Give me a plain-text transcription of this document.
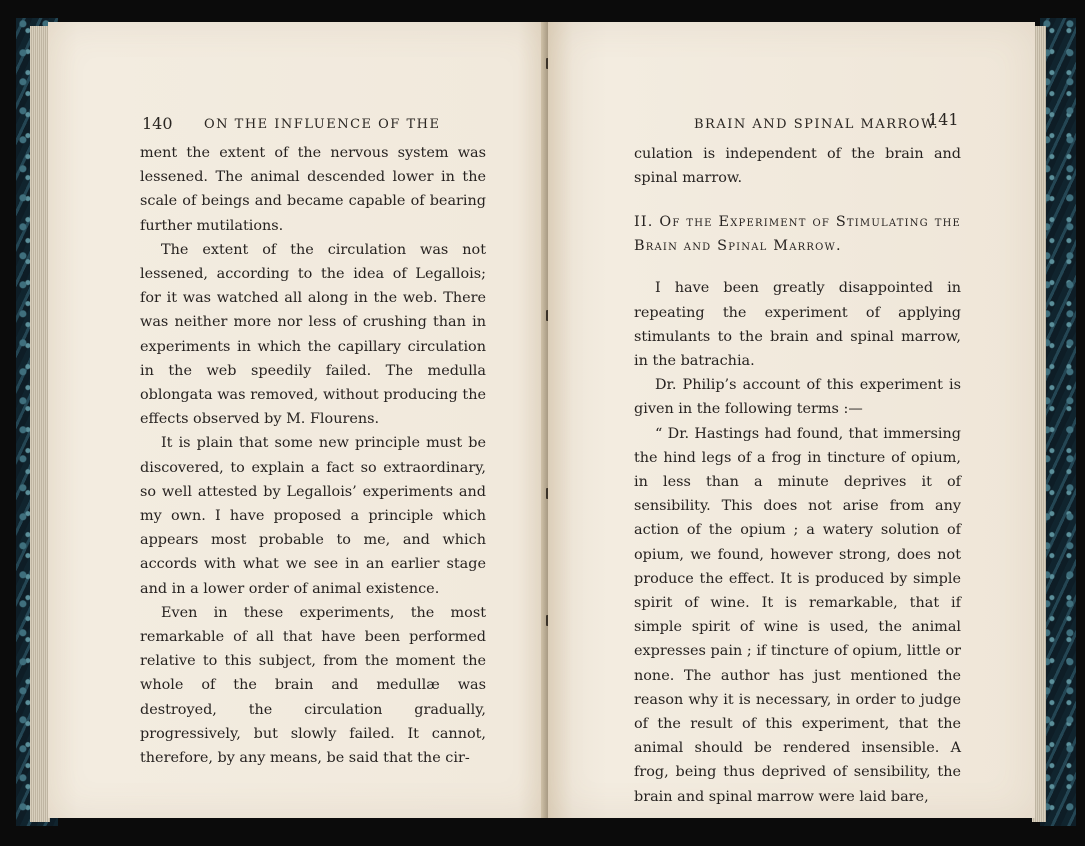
140 ON THE INFLUENCE OF THE

ment the extent of the nervous system was lessened. The animal descended lower in the scale of beings and became capable of bearing further mutilations.

The extent of the circulation was not lessened, according to the idea of Legallois; for it was watched all along in the web. There was neither more nor less of crushing than in experiments in which the capillary circulation in the web speedily failed. The medulla oblongata was removed, without producing the effects observed by M. Flourens.

It is plain that some new principle must be discovered, to explain a fact so extraordinary, so well attested by Legallois’ experiments and my own. I have proposed a principle which appears most probable to me, and which accords with what we see in an earlier stage and in a lower order of animal existence.

Even in these experiments, the most remarkable of all that have been performed relative to this subject, from the moment the whole of the brain and medullæ was destroyed, the circulation gradually, progressively, but slowly failed. It cannot, therefore, by any means, be said that the cir-

BRAIN AND SPINAL MARROW.
141

culation is independent of the brain and spinal marrow.

II. Of the Experiment of Stimulating the Brain and Spinal Marrow.

I have been greatly disappointed in repeating the experiment of applying stimulants to the brain and spinal marrow, in the batrachia.

Dr. Philip’s account of this experiment is given in the following terms :—

“ Dr. Hastings had found, that immersing the hind legs of a frog in tincture of opium, in less than a minute deprives it of sensibility. This does not arise from any action of the opium ; a watery solution of opium, we found, however strong, does not produce the effect. It is produced by simple spirit of wine. It is remarkable, that if simple spirit of wine is used, the animal expresses pain ; if tincture of opium, little or none. The author has just mentioned the reason why it is necessary, in order to judge of the result of this experiment, that the animal should be rendered insensible. A frog, being thus deprived of sensibility, the brain and spinal marrow were laid bare,
